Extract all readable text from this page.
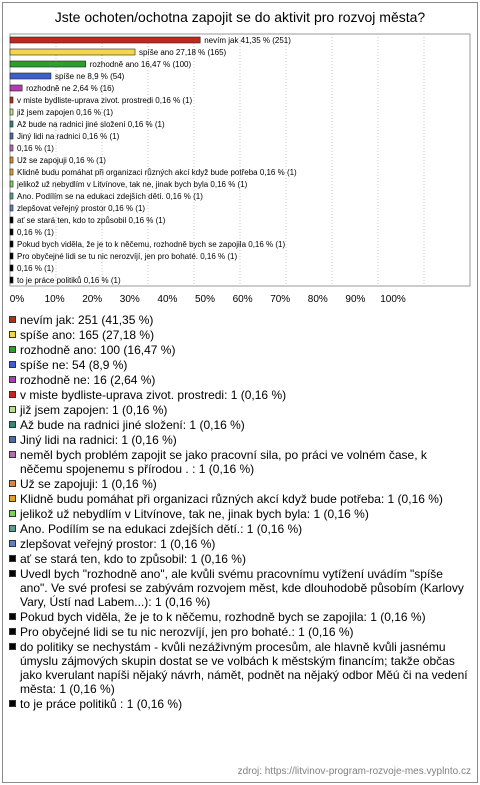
Jste ochoten/ochotna zapojit se do aktivit pro rozvoj města?
nevím jak 41,35 % (251)
spíše ano 27,18 % (165)
rozhodně ano 16,47 % (100)
spíše ne 8,9 % (54)
rozhodně ne 2,64 % (16)
v miste bydliste-uprava zivot. prostredi 0,16 % (1)
již jsem zapojen 0,16 % (1)
Až bude na radnici jiné složení 0,16 % (1)
Jiný lidi na radnici 0,16 % (1)
0,16 % (1)
Už se zapojuji 0,16 % (1)
Klidně budu pomáhat při organizaci různých akcí když bude potřeba 0,16 % (1)
jelikož už nebydlím v Litvínove, tak ne, jinak bych byla 0,16 % (1)
Ano. Podílím se na edukaci zdejších dětí. 0,16 % (1)
zlepšovat veřejný prostor 0,16 % (1)
ať se stará ten, kdo to způsobil 0,16 % (1)
0,16 % (1)
Pokud bych viděla, že je to k něčemu, rozhodně bych se zapojila 0,16 % (1)
Pro obyčejné lidi se tu nic nerozvíjí, jen pro bohaté. 0,16 % (1)
0,16 % (1)
to je práce politiků 0,16 % (1)
0% 10% 20% 30% 40% 50% 60% 70% 80% 90% 100%
nevím jak: 251 (41,35 %)
spíše ano: 165 (27,18 %)
rozhodně ano: 100 (16,47 %)
spíše ne: 54 (8,9 %)
rozhodně ne: 16 (2,64 %)
v miste bydliste-uprava zivot. prostredi: 1 (0,16 %)
již jsem zapojen: 1 (0,16 %)
Až bude na radnici jiné složení: 1 (0,16 %)
Jiný lidi na radnici: 1 (0,16 %)
neměl bych problém zapojit se jako pracovní sila, po práci ve volném čase, k něčemu spojenemu s přírodou . : 1 (0,16 %)
Už se zapojuji: 1 (0,16 %)
Klidně budu pomáhat při organizaci různých akcí když bude potřeba: 1 (0,16 %)
jelikož už nebydlím v Litvínove, tak ne, jinak bych byla: 1 (0,16 %)
Ano. Podílím se na edukaci zdejších dětí.: 1 (0,16 %)
zlepšovat veřejný prostor: 1 (0,16 %)
ať se stará ten, kdo to způsobil: 1 (0,16 %)
Uvedl bych "rozhodně ano", ale kvůli svému pracovnímu vytížení uvádím "spíše ano". Ve své profesi se zabývám rozvojem měst, kde dlouhodobě působím (Karlovy Vary, Ústí nad Labem...): 1 (0,16 %)
Pokud bych viděla, že je to k něčemu, rozhodně bych se zapojila: 1 (0,16 %)
Pro obyčejné lidi se tu nic nerozvíjí, jen pro bohaté.: 1 (0,16 %)
do politiky se nechystám - kvůli nezáživným procesům, ale hlavně kvůli jasnému úmyslu zájmových skupin dostat se ve volbách k městským financím; takže občas jako kverulant napíši nějaký návrh, námět, podnět na nějaký odbor Měú či na vedení města: 1 (0,16 %)
to je práce politiků : 1 (0,16 %)
zdroj: https://litvinov-program-rozvoje-mes.vyplnto.cz
